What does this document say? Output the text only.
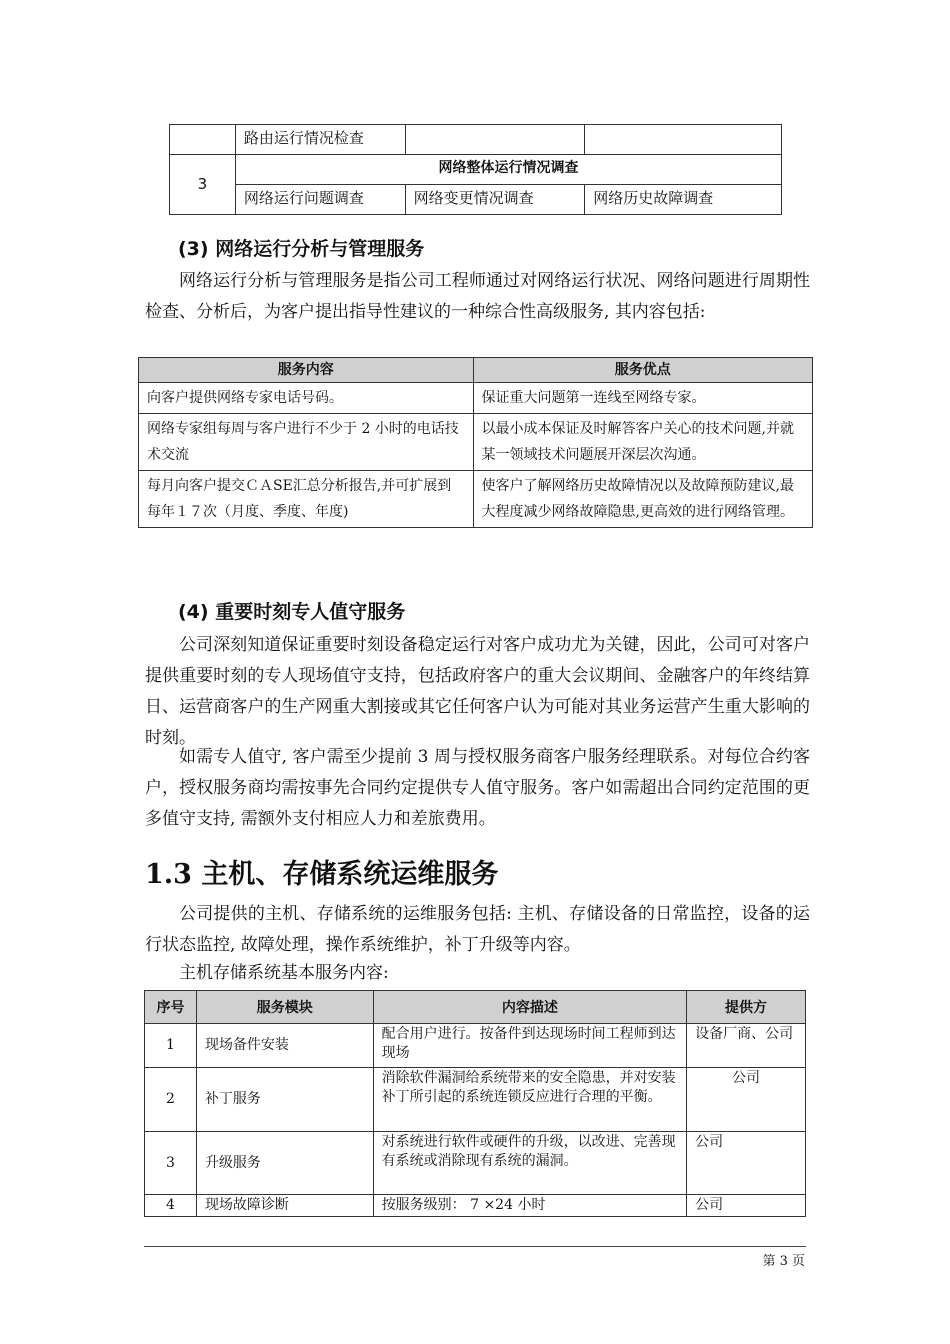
	路由运行情况检查		
3	网络整体运行情况调查		
	网络运行问题调查	网络变更情况调查	网络历史故障调查
(3) 网络运行分析与管理服务

网络运行分析与管理服务是指公司工程师通过对网络运行状况、网络问题进行周期性检查、分析后，为客户提出指导性建议的一种综合性高级服务, 其内容包括:

服务内容	服务优点
向客户提供网络专家电话号码。	保证重大问题第一连线至网络专家。
网络专家组每周与客户进行不少于 2 小时的电话技术交流	以最小成本保证及时解答客户关心的技术问题,并就某一领域技术问题展开深层次沟通。
每月向客户提交ＣＡSE汇总分析报告,并可扩展到每年１７次（月度、季度、年度)	使客户了解网络历史故障情况以及故障预防建议,最大程度减少网络故障隐患,更高效的进行网络管理。
(4) 重要时刻专人值守服务

公司深刻知道保证重要时刻设备稳定运行对客户成功尤为关键，因此，公司可对客户提供重要时刻的专人现场值守支持，包括政府客户的重大会议期间、金融客户的年终结算日、运营商客户的生产网重大割接或其它任何客户认为可能对其业务运营产生重大影响的时刻。

如需专人值守, 客户需至少提前 3 周与授权服务商客户服务经理联系。对每位合约客户，授权服务商均需按事先合同约定提供专人值守服务。客户如需超出合同约定范围的更多值守支持, 需额外支付相应人力和差旅费用。

1.3 主机、存储系统运维服务

公司提供的主机、存储系统的运维服务包括: 主机、存储设备的日常监控，设备的运行状态监控, 故障处理，操作系统维护，补丁升级等内容。

主机存储系统基本服务内容:

序号	服务模块	内容描述	提供方
1	现场备件安装	配合用户进行。按备件到达现场时间工程师到达现场	设备厂商、公司
2	补丁服务	消除软件漏洞给系统带来的安全隐患，并对安装补丁所引起的系统连锁反应进行合理的平衡。	公司
3	升级服务	对系统进行软件或硬件的升级，以改进、完善现有系统或消除现有系统的漏洞。	公司
4	现场故障诊断	按服务级别： 7 ×24 小时	公司
第 3 页
